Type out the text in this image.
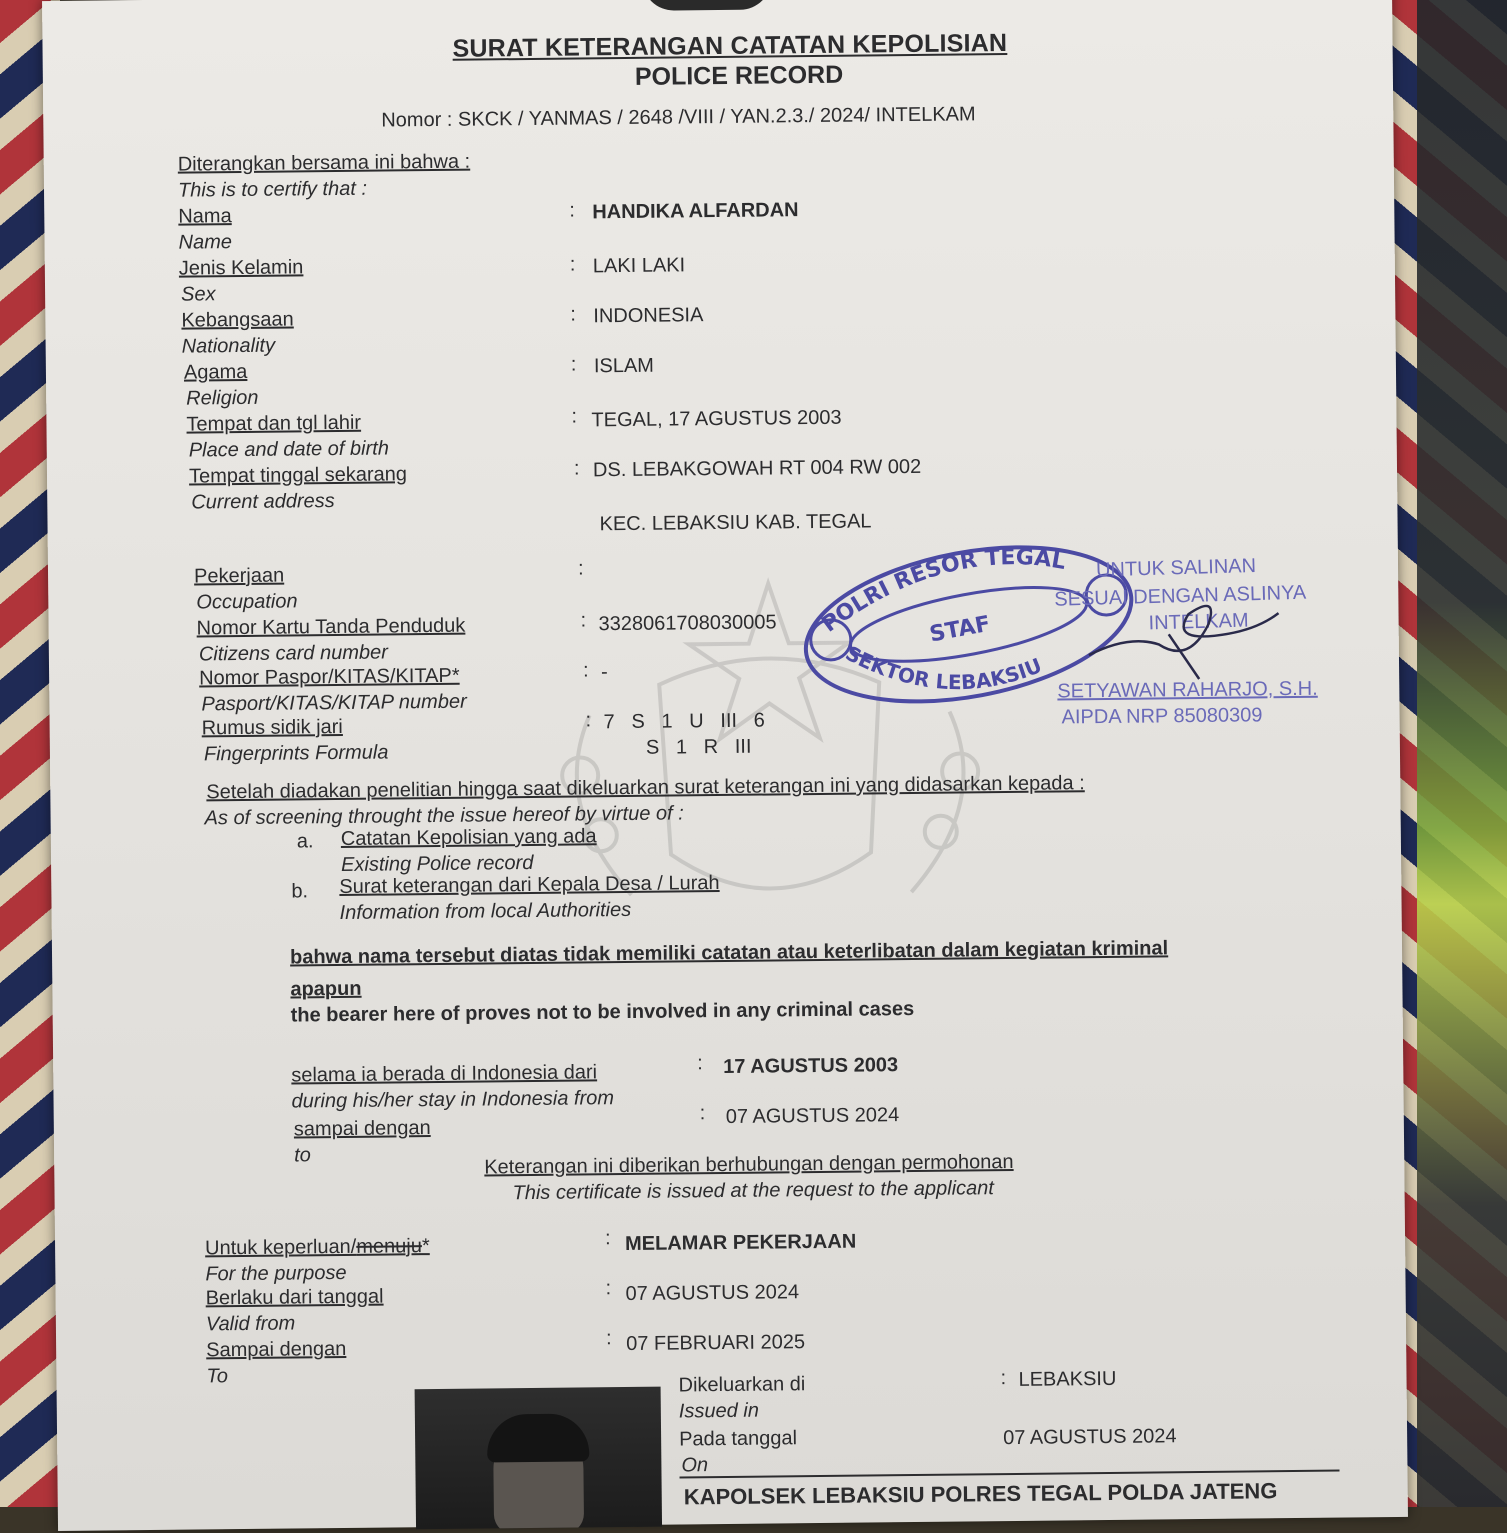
SURAT KETERANGAN CATATAN KEPOLISIAN
POLICE RECORD
Nomor : SKCK / YANMAS / 2648 /VIII / YAN.2.3./ 2024/ INTELKAM
Diterangkan bersama ini bahwa :
This is to certify that :
Nama
Name
: HANDIKA ALFARDAN
Jenis Kelamin
Sex
: LAKI LAKI
Kebangsaan
Nationality
: INDONESIA
Agama
Religion
: ISLAM
Tempat dan tgl lahir
Place and date of birth
: TEGAL, 17 AGUSTUS 2003
Tempat tinggal sekarang
Current address
: DS. LEBAKGOWAH RT 004 RW 002
KEC. LEBAKSIU KAB. TEGAL
Pekerjaan
Occupation
:
Nomor Kartu Tanda Penduduk
Citizens card number
: 3328061708030005
Nomor Paspor/KITAS/KITAP*
Pasport/KITAS/KITAP number
: -
Rumus sidik jari
Fingerprints Formula
: 7   S   1   U   III   6
S   1   R   III
POLRI RESOR TEGAL
STAF
SEKTOR LEBAKSIU
UNTUK SALINAN
SESUAI DENGAN ASLINYA
INTELKAM
SETYAWAN RAHARJO, S.H.
AIPDA NRP 85080309
Setelah diadakan penelitian hingga saat dikeluarkan surat keterangan ini yang didasarkan kepada :
As of screening throught the issue hereof by virtue of :
a. Catatan Kepolisian yang ada
Existing Police record
b. Surat keterangan dari Kepala Desa / Lurah
Information from local Authorities
bahwa nama tersebut diatas tidak memiliki catatan atau keterlibatan dalam kegiatan kriminal
apapun
the bearer here of proves not to be involved in any criminal cases
selama ia berada di Indonesia dari
during his/her stay in Indonesia from
: 17 AGUSTUS 2003
sampai dengan
to
: 07 AGUSTUS 2024
Keterangan ini diberikan berhubungan dengan permohonan
This certificate is issued at the request to the applicant
Untuk keperluan/menuju*
For the purpose
: MELAMAR PEKERJAAN
Berlaku dari tanggal
Valid from
: 07 AGUSTUS 2024
Sampai dengan
To
: 07 FEBRUARI 2025
Dikeluarkan di
Issued in
: LEBAKSIU
Pada tanggal
On
07 AGUSTUS 2024
KAPOLSEK LEBAKSIU POLRES TEGAL POLDA JATENG
